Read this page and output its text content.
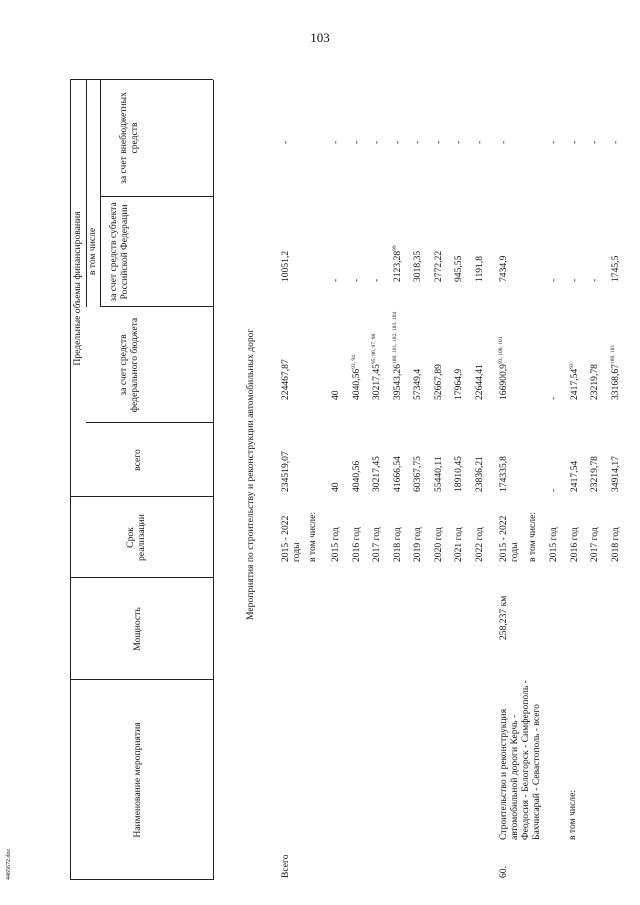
103
4465672.doc
Наименование мероприятия
Мощность
Срок реализации
Предельные объемы финансирования
всего
в том числе
за счет средств федерального бюджета
за счет средств субъекта Российской Федерации
за счет внебюджетных средств
Мероприятия по строительству и реконструкции автомобильных дорог
Всего
2015 - 2022 годы
234519,07
224467,87
10051,2
-
в том числе: 2015 год
40
40
-
-
2016 год
4040,56
4040,56$^{93, 94}$
-
-
2017 год
30217,45
30217,45$^{95, 96, 97, 98}$
-
-
2018 год
41666,54
39543,26$^{100, 101, 102, 103, 104}$
2123,28$^{99}$
-
2019 год
60367,75
57349,4
3018,35
-
2020 год
55440,11
52667,89
2772,22
-
2021 год
18910,45
17964,9
945,55
-
2022 год
23836,21
22644,41
1191,8
-
60.
Строительство и реконструкция автомобильной дороги Керчь - Феодосия - Белогорск - Симферополь - Бахчисарай - Севастополь - всего	в том числе:
258,237 км
2015 - 2022 годы
174335,8
166900,9$^{93, 100, 101}$
7434,9
-
в том числе: 2015 год
-
-
-
-
2016 год
2417,54
2417,54$^{93}$
-
-
2017 год
23219,78
23219,78
-
-
2018 год
34914,17
33168,67$^{100, 101}$
1745,5
-
